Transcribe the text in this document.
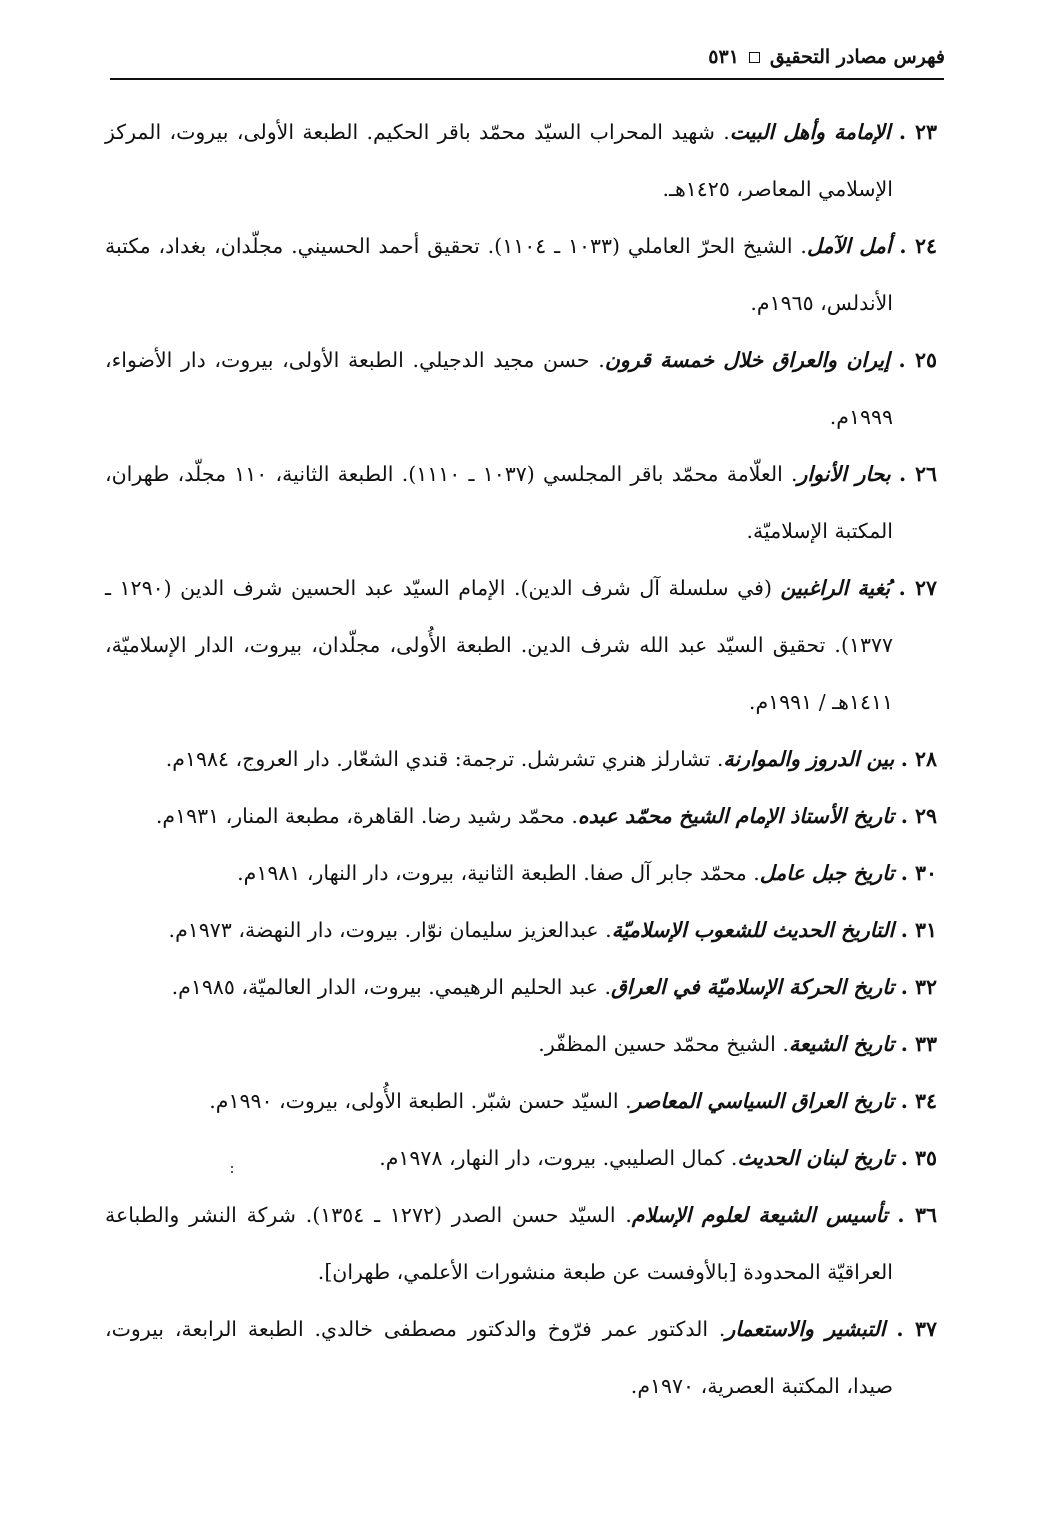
فهرس مصادر التحقيق
٥٣١
٢٣ . الإمامة وأهل البيت. شهيد المحراب السيّد محمّد باقر الحكيم. الطبعة الأولى، بيروت، المركز الإسلامي المعاصر، ١٤٢٥هـ.
٢٤ . أمل الآمل. الشيخ الحرّ العاملي (١٠٣٣ ـ ١١٠٤). تحقيق أحمد الحسيني. مجلّدان، بغداد، مكتبة الأندلس، ١٩٦٥م.
٢٥ . إيران والعراق خلال خمسة قرون. حسن مجيد الدجيلي. الطبعة الأولى، بيروت، دار الأضواء، ١٩٩٩م.
٢٦ . بحار الأنوار. العلّامة محمّد باقر المجلسي (١٠٣٧ ـ ١١١٠). الطبعة الثانية، ١١٠ مجلّد، طهران، المكتبة الإسلاميّة.
٢٧ . بُغية الراغبين (في سلسلة آل شرف الدين). الإمام السيّد عبد الحسين شرف الدين (١٢٩٠ ـ ١٣٧٧). تحقيق السيّد عبد الله شرف الدين. الطبعة الأُولى، مجلّدان، بيروت، الدار الإسلاميّة، ١٤١١هـ / ١٩٩١م.
٢٨ . بين الدروز والموارنة. تشارلز هنري تشرشل. ترجمة: قندي الشعّار. دار العروج، ١٩٨٤م.
٢٩ . تاريخ الأستاذ الإمام الشيخ محمّد عبده. محمّد رشيد رضا. القاهرة، مطبعة المنار، ١٩٣١م.
٣٠ . تاريخ جبل عامل. محمّد جابر آل صفا. الطبعة الثانية، بيروت، دار النهار، ١٩٨١م.
٣١ . التاريخ الحديث للشعوب الإسلاميّة. عبدالعزيز سليمان نوّار. بيروت، دار النهضة، ١٩٧٣م.
٣٢ . تاريخ الحركة الإسلاميّة في العراق. عبد الحليم الرهيمي. بيروت، الدار العالميّة، ١٩٨٥م.
٣٣ . تاريخ الشيعة. الشيخ محمّد حسين المظفّر.
٣٤ . تاريخ العراق السياسي المعاصر. السيّد حسن شبّر. الطبعة الأُولى، بيروت، ١٩٩٠م.
٣٥ . تاريخ لبنان الحديث. كمال الصليبي. بيروت، دار النهار، ١٩٧٨م.
٣٦ . تأسيس الشيعة لعلوم الإسلام. السيّد حسن الصدر (١٢٧٢ ـ ١٣٥٤). شركة النشر والطباعة العراقيّة المحدودة [بالأوفست عن طبعة منشورات الأعلمي، طهران].
٣٧ . التبشير والاستعمار. الدكتور عمر فرّوخ والدكتور مصطفى خالدي. الطبعة الرابعة، بيروت، صيدا، المكتبة العصرية، ١٩٧٠م.
